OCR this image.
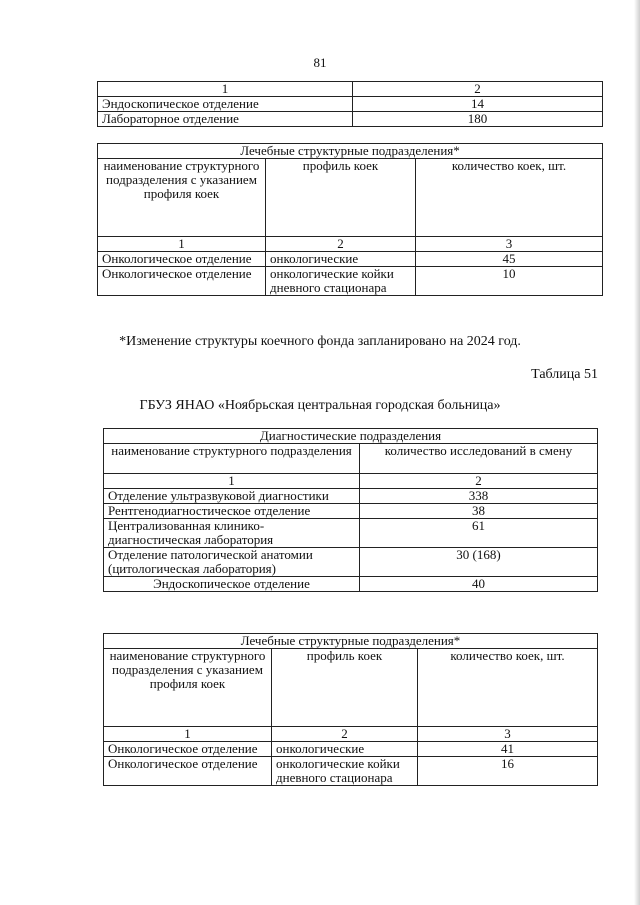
81
1	2
Эндоскопическое отделение	14
Лабораторное отделение	180
Лечебные структурные подразделения*		
наименование структурного подразделения с указанием профиля коек	профиль коек	количество коек, шт.
1	2	3
Онкологическое отделение	онкологические	45
Онкологическое отделение	онкологические койки дневного стационара	10
*Изменение структуры коечного фонда запланировано на 2024 год.
Таблица 51
ГБУЗ ЯНАО «Ноябрьская центральная городская больница»
Диагностические подразделения	
наименование структурного подразделения	количество исследований в смену
1	2
Отделение ультразвуковой диагностики	338
Рентгенодиагностическое отделение	38
Централизованная клинико-диагностическая лаборатория	61
Отделение патологической анатомии (цитологическая лаборатория)	30 (168)
Эндоскопическое отделение	40
Лечебные структурные подразделения*		
наименование структурного подразделения с указанием профиля коек	профиль коек	количество коек, шт.
1	2	3
Онкологическое отделение	онкологические	41
Онкологическое отделение	онкологические койки дневного стационара	16
